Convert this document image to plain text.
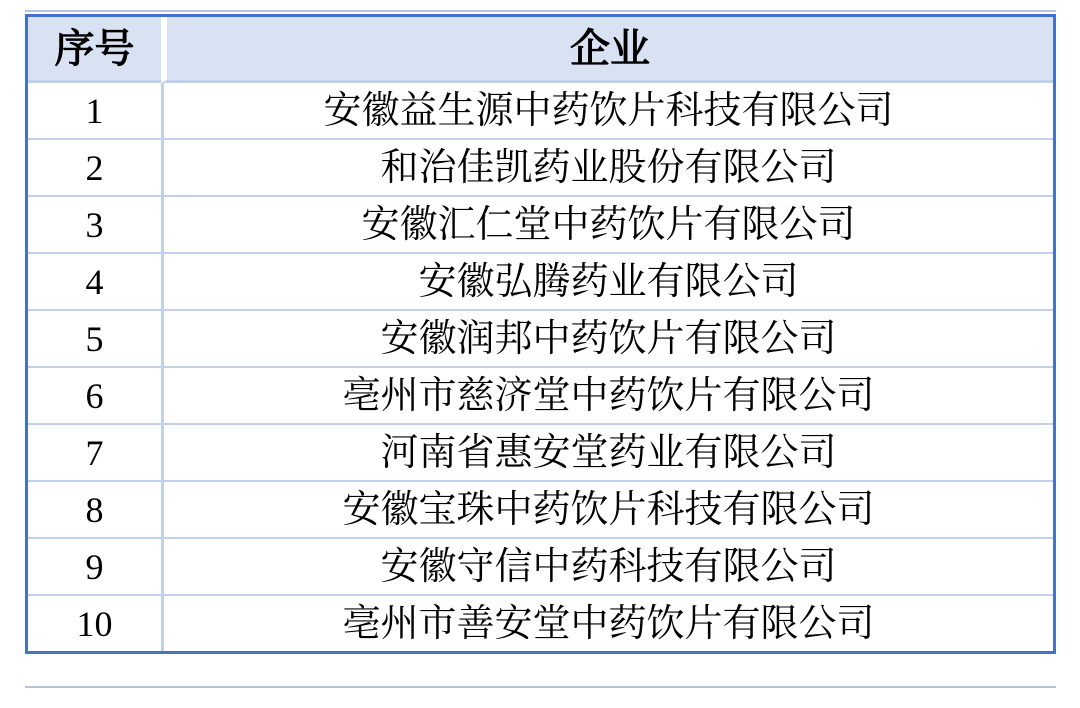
序号	企业
1	安徽益生源中药饮片科技有限公司
2	和治佳凯药业股份有限公司
3	安徽汇仁堂中药饮片有限公司
4	安徽弘腾药业有限公司
5	安徽润邦中药饮片有限公司
6	亳州市慈济堂中药饮片有限公司
7	河南省惠安堂药业有限公司
8	安徽宝珠中药饮片科技有限公司
9	安徽守信中药科技有限公司
10	亳州市善安堂中药饮片有限公司
